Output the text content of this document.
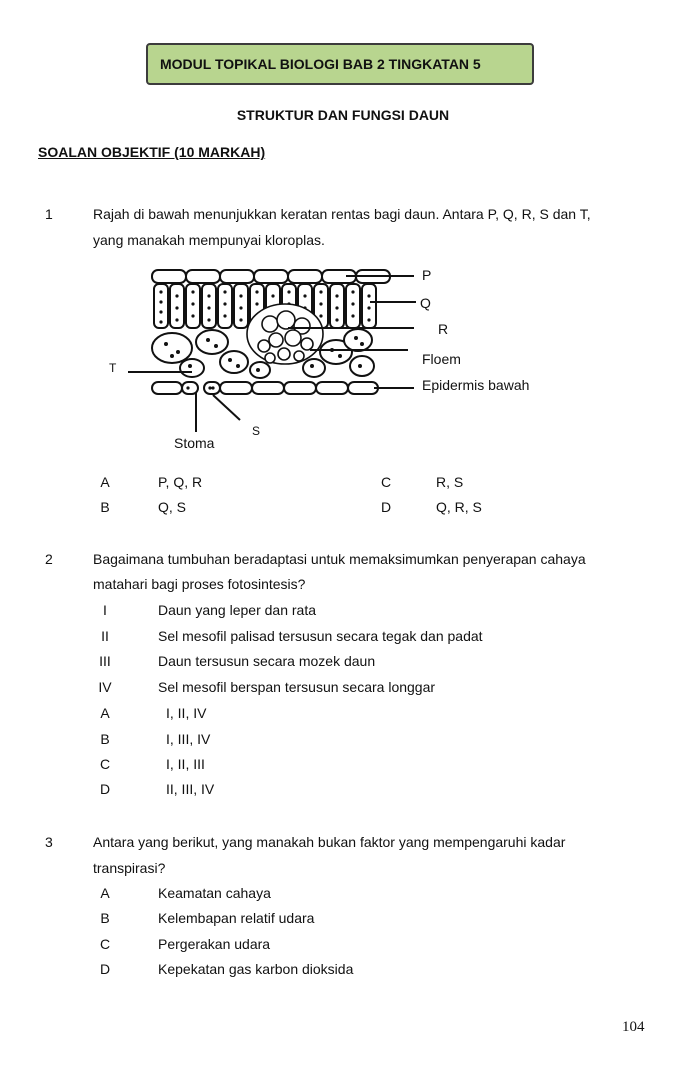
MODUL TOPIKAL BIOLOGI BAB 2 TINGKATAN 5
STRUKTUR DAN FUNGSI DAUN
SOALAN OBJEKTIF (10 MARKAH)
1	Rajah di bawah menunjukkan keratan rentas bagi daun. Antara P, Q, R, S dan T,
yang manakah mempunyai kloroplas.
P
Q
R
Floem
Epidermis bawah
T
S
Stoma
A	P, Q, R
B	Q, S
C	R, S
D	Q, R, S
2	Bagaimana tumbuhan beradaptasi untuk memaksimumkan penyerapan cahaya
matahari bagi proses fotosintesis?
I	Daun yang leper dan rata
II	Sel mesofil palisad tersusun secara tegak dan padat
III	Daun tersusun secara mozek daun
IV	Sel mesofil berspan tersusun secara longgar
A	I, II, IV
B	I, III, IV
C	I, II, III
D	II, III, IV
3	Antara yang berikut, yang manakah bukan faktor yang mempengaruhi kadar
transpirasi?
A	Keamatan cahaya
B	Kelembapan relatif udara
C	Pergerakan udara
D	Kepekatan gas karbon dioksida
104
